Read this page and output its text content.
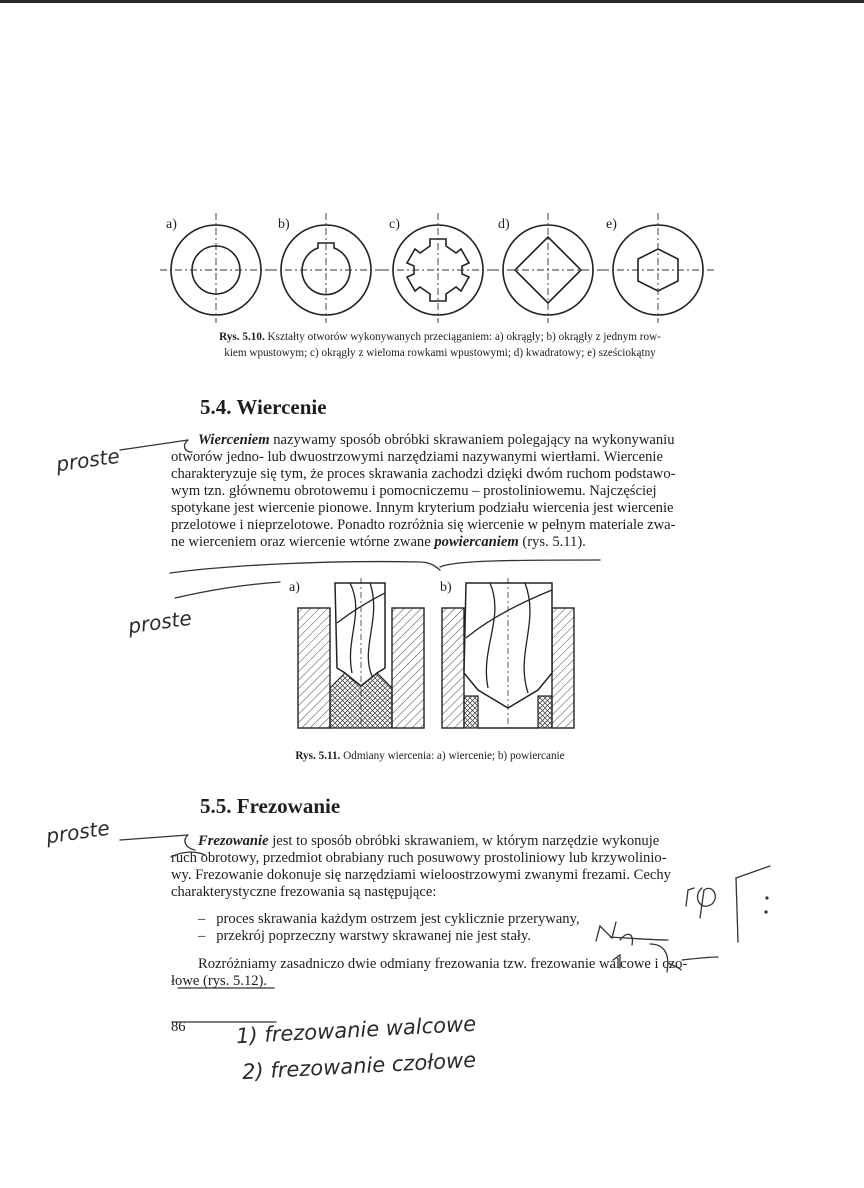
a)	b)	c)	d)	e)
Rys. 5.10. Kształty otworów wykonywanych przeciąganiem: a) okrągły; b) okrągły z jednym row-
kiem wpustowym; c) okrągły z wieloma rowkami wpustowymi; d) kwadratowy; e) sześciokątny
5.4. Wiercenie
Wierceniem nazywamy sposób obróbki skrawaniem polegający na wykonywaniu
otworów jedno- lub dwuostrzowymi narzędziami nazywanymi wiertłami. Wiercenie
charakteryzuje się tym, że proces skrawania zachodzi dzięki dwóm ruchom podstawo-
wym tzn. głównemu obrotowemu i pomocniczemu – prostoliniowemu. Najczęściej
spotykane jest wiercenie pionowe. Innym kryterium podziału wiercenia jest wiercenie
przelotowe i nieprzelotowe. Ponadto rozróżnia się wiercenie w pełnym materiale zwa-
ne wierceniem oraz wiercenie wtórne zwane powiercaniem (rys. 5.11).
a)	b)
Rys. 5.11. Odmiany wiercenia: a) wiercenie; b) powiercanie
5.5. Frezowanie
Frezowanie jest to sposób obróbki skrawaniem, w którym narzędzie wykonuje
ruch obrotowy, przedmiot obrabiany ruch posuwowy prostoliniowy lub krzywolinio-
wy. Frezowanie dokonuje się narzędziami wieloostrzowymi zwanymi frezami. Cechy
charakterystyczne frezowania są następujące:
–   proces skrawania każdym ostrzem jest cyklicznie przerywany,
–   przekrój poprzeczny warstwy skrawanej nie jest stały.
Rozróżniamy zasadniczo dwie odmiany frezowania tzw. frezowanie walcowe i czo-
łowe (rys. 5.12).
86
proste
proste
proste
1) frezowanie walcowe
2) frezowanie czołowe
